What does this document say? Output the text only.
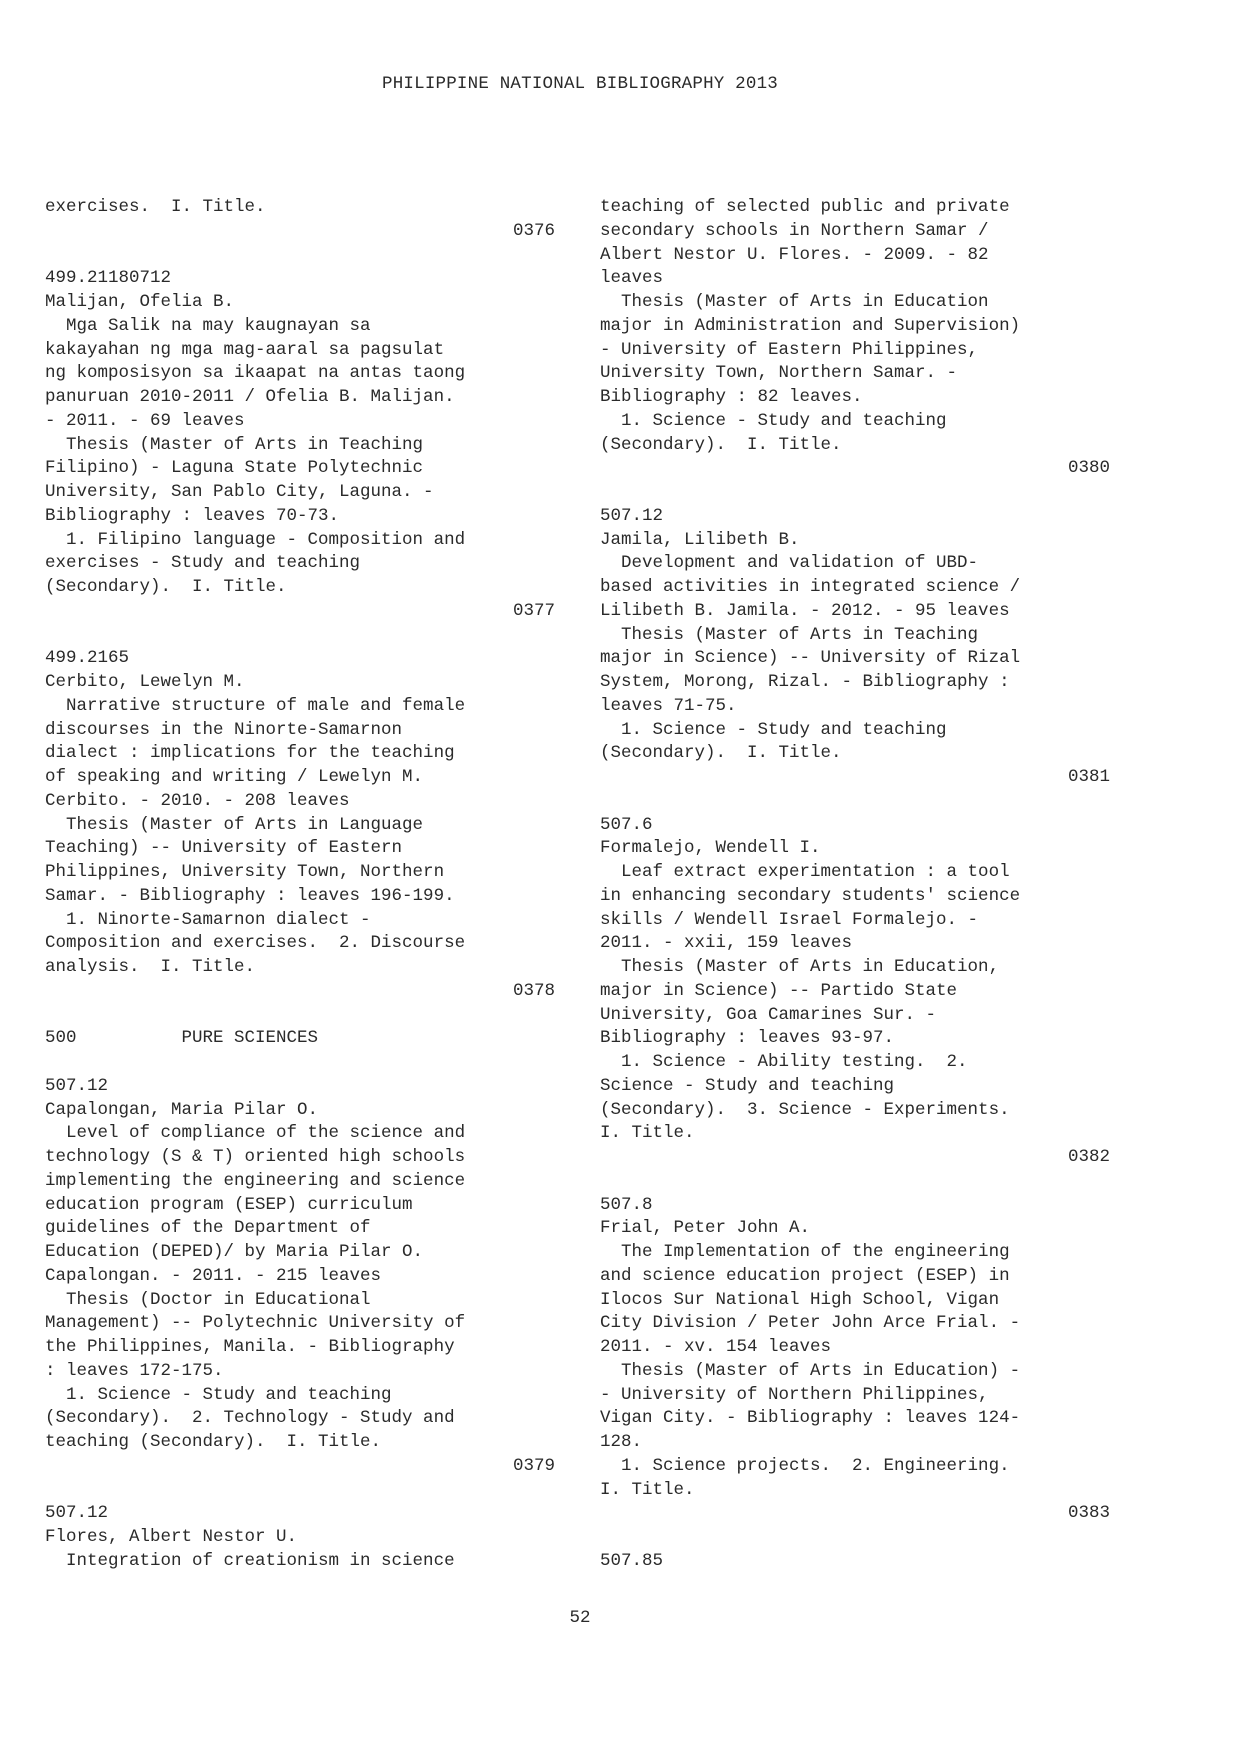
PHILIPPINE NATIONAL BIBLIOGRAPHY 2013
exercises.  I. Title.
0376
499.21180712
Malijan, Ofelia B.
Mga Salik na may kaugnayan sa
kakayahan ng mga mag-aaral sa pagsulat
ng komposisyon sa ikaapat na antas taong
panuruan 2010-2011 / Ofelia B. Malijan.
- 2011. - 69 leaves
Thesis (Master of Arts in Teaching
Filipino) - Laguna State Polytechnic
University, San Pablo City, Laguna. -
Bibliography : leaves 70-73.
1. Filipino language - Composition and
exercises - Study and teaching
(Secondary).  I. Title.
0377
499.2165
Cerbito, Lewelyn M.
Narrative structure of male and female
discourses in the Ninorte-Samarnon
dialect : implications for the teaching
of speaking and writing / Lewelyn M.
Cerbito. - 2010. - 208 leaves
Thesis (Master of Arts in Language
Teaching) -- University of Eastern
Philippines, University Town, Northern
Samar. - Bibliography : leaves 196-199.
1. Ninorte-Samarnon dialect -
Composition and exercises.  2. Discourse
analysis.  I. Title.
0378
500          PURE SCIENCES
507.12
Capalongan, Maria Pilar O.
Level of compliance of the science and
technology (S & T) oriented high schools
implementing the engineering and science
education program (ESEP) curriculum
guidelines of the Department of
Education (DEPED)/ by Maria Pilar O.
Capalongan. - 2011. - 215 leaves
Thesis (Doctor in Educational
Management) -- Polytechnic University of
the Philippines, Manila. - Bibliography
: leaves 172-175.
1. Science - Study and teaching
(Secondary).  2. Technology - Study and
teaching (Secondary).  I. Title.
0379
507.12
Flores, Albert Nestor U.
Integration of creationism in science
teaching of selected public and private
secondary schools in Northern Samar /
Albert Nestor U. Flores. - 2009. - 82
leaves
Thesis (Master of Arts in Education
major in Administration and Supervision)
- University of Eastern Philippines,
University Town, Northern Samar. -
Bibliography : 82 leaves.
1. Science - Study and teaching
(Secondary).  I. Title.
0380
507.12
Jamila, Lilibeth B.
Development and validation of UBD-
based activities in integrated science /
Lilibeth B. Jamila. - 2012. - 95 leaves
Thesis (Master of Arts in Teaching
major in Science) -- University of Rizal
System, Morong, Rizal. - Bibliography :
leaves 71-75.
1. Science - Study and teaching
(Secondary).  I. Title.
0381
507.6
Formalejo, Wendell I.
Leaf extract experimentation : a tool
in enhancing secondary students' science
skills / Wendell Israel Formalejo. -
2011. - xxii, 159 leaves
Thesis (Master of Arts in Education,
major in Science) -- Partido State
University, Goa Camarines Sur. -
Bibliography : leaves 93-97.
1. Science - Ability testing.  2.
Science - Study and teaching
(Secondary).  3. Science - Experiments.
I. Title.
0382
507.8
Frial, Peter John A.
The Implementation of the engineering
and science education project (ESEP) in
Ilocos Sur National High School, Vigan
City Division / Peter John Arce Frial. -
2011. - xv. 154 leaves
Thesis (Master of Arts in Education) -
- University of Northern Philippines,
Vigan City. - Bibliography : leaves 124-
128.
1. Science projects.  2. Engineering.
I. Title.
0383
507.85
52
